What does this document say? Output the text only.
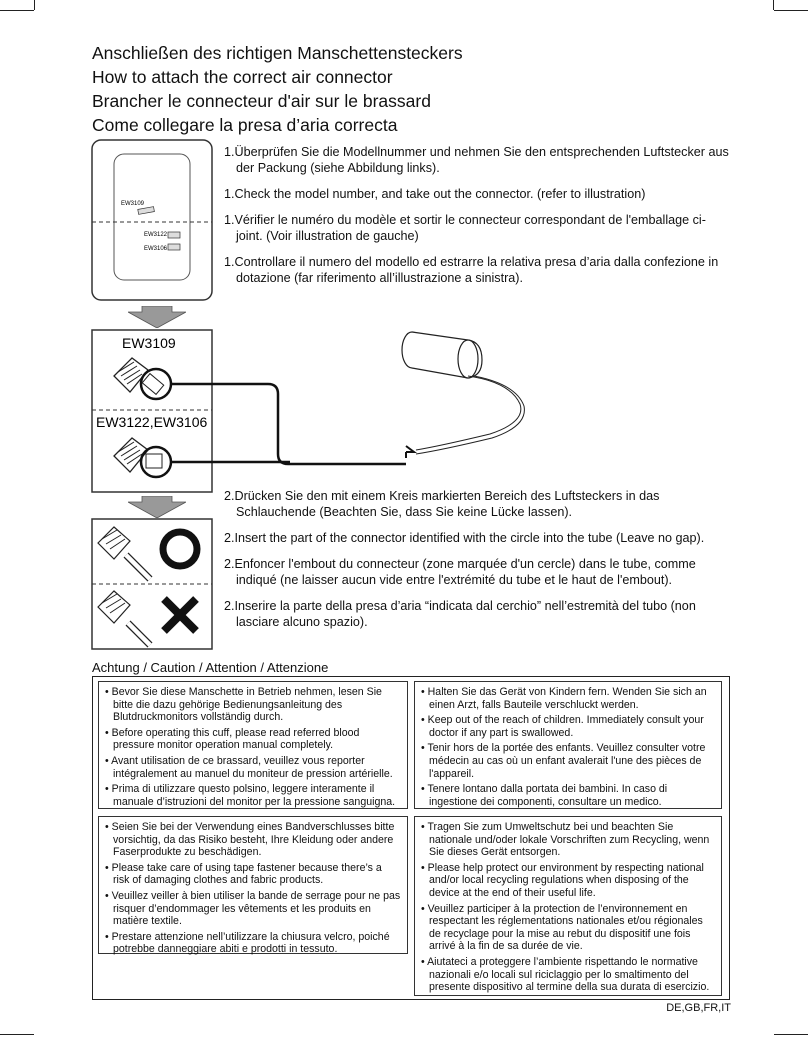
Anschließen des richtigen Manschettensteckers
How to attach the correct air connector
Brancher le connecteur d'air sur le brassard
Come collegare la presa d’aria correcta
EW3109
EW3122
EW3106

1.Überprüfen Sie die Modellnummer und nehmen Sie den entsprechenden Luftstecker aus der Packung (siehe Abbildung links).

1.Check the model number, and take out the connector. (refer to illustration)

1.Vérifier le numéro du modèle et sortir le connecteur correspondant de l'emballage ci-joint. (Voir illustration de gauche)

1.Controllare il numero del modello ed estrarre la relativa presa d’aria dalla confezione in dotazione (far riferimento all’illustrazione a sinistra).

EW3109
EW3122,EW3106

2.Drücken Sie den mit einem Kreis markierten Bereich des Luftsteckers in das Schlauchende (Beachten Sie, dass Sie keine Lücke lassen).

2.Insert the part of the connector identified with the circle into the tube (Leave no gap).

2.Enfoncer l'embout du connecteur (zone marquée d'un cercle) dans le tube, comme indiqué (ne laisser aucun vide entre l'extrémité du tube et le haut de l'embout).

2.Inserire la parte della presa d’aria “indicata dal cerchio” nell’estremità del tubo (non lasciare alcuno spazio).

Achtung / Caution / Attention / Attenzione

• Bevor Sie diese Manschette in Betrieb nehmen, lesen Sie bitte die dazu gehörige Bedienungsanleitung des Blutdruckmonitors vollständig durch.

• Before operating this cuff, please read referred blood pressure monitor operation manual completely.

• Avant utilisation de ce brassard, veuillez vous reporter intégralement au manuel du moniteur de pression artérielle.

• Prima di utilizzare questo polsino, leggere interamente il manuale d’istruzioni del monitor per la pressione sanguigna.

• Halten Sie das Gerät von Kindern fern. Wenden Sie sich an einen Arzt, falls Bauteile verschluckt werden.

• Keep out of the reach of children. Immediately consult your doctor if any part is swallowed.

• Tenir hors de la portée des enfants. Veuillez consulter votre médecin au cas où un enfant avalerait l'une des pièces de l'appareil.

• Tenere lontano dalla portata dei bambini. In caso di ingestione dei componenti, consultare un medico.

• Seien Sie bei der Verwendung eines Bandverschlusses bitte vorsichtig, da das Risiko besteht, Ihre Kleidung oder andere Faserprodukte zu beschädigen.

• Please take care of using tape fastener because there’s a risk of damaging clothes and fabric products.

• Veuillez veiller à bien utiliser la bande de serrage pour ne pas risquer d’endommager les vêtements et les produits en matière textile.

• Prestare attenzione nell’utilizzare la chiusura velcro, poiché potrebbe danneggiare abiti e prodotti in tessuto.

• Tragen Sie zum Umweltschutz bei und beachten Sie nationale und/oder lokale Vorschriften zum Recycling, wenn Sie dieses Gerät entsorgen.

• Please help protect our environment by respecting national and/or local recycling regulations when disposing of the device at the end of their useful life.

• Veuillez participer à la protection de l’environnement en respectant les réglementations nationales et/ou régionales de recyclage pour la mise au rebut du dispositif une fois arrivé à la fin de sa durée de vie.

• Aiutateci a proteggere l’ambiente rispettando le normative nazionali e/o locali sul riciclaggio per lo smaltimento del presente dispositivo al termine della sua durata di esercizio.

DE,GB,FR,IT
